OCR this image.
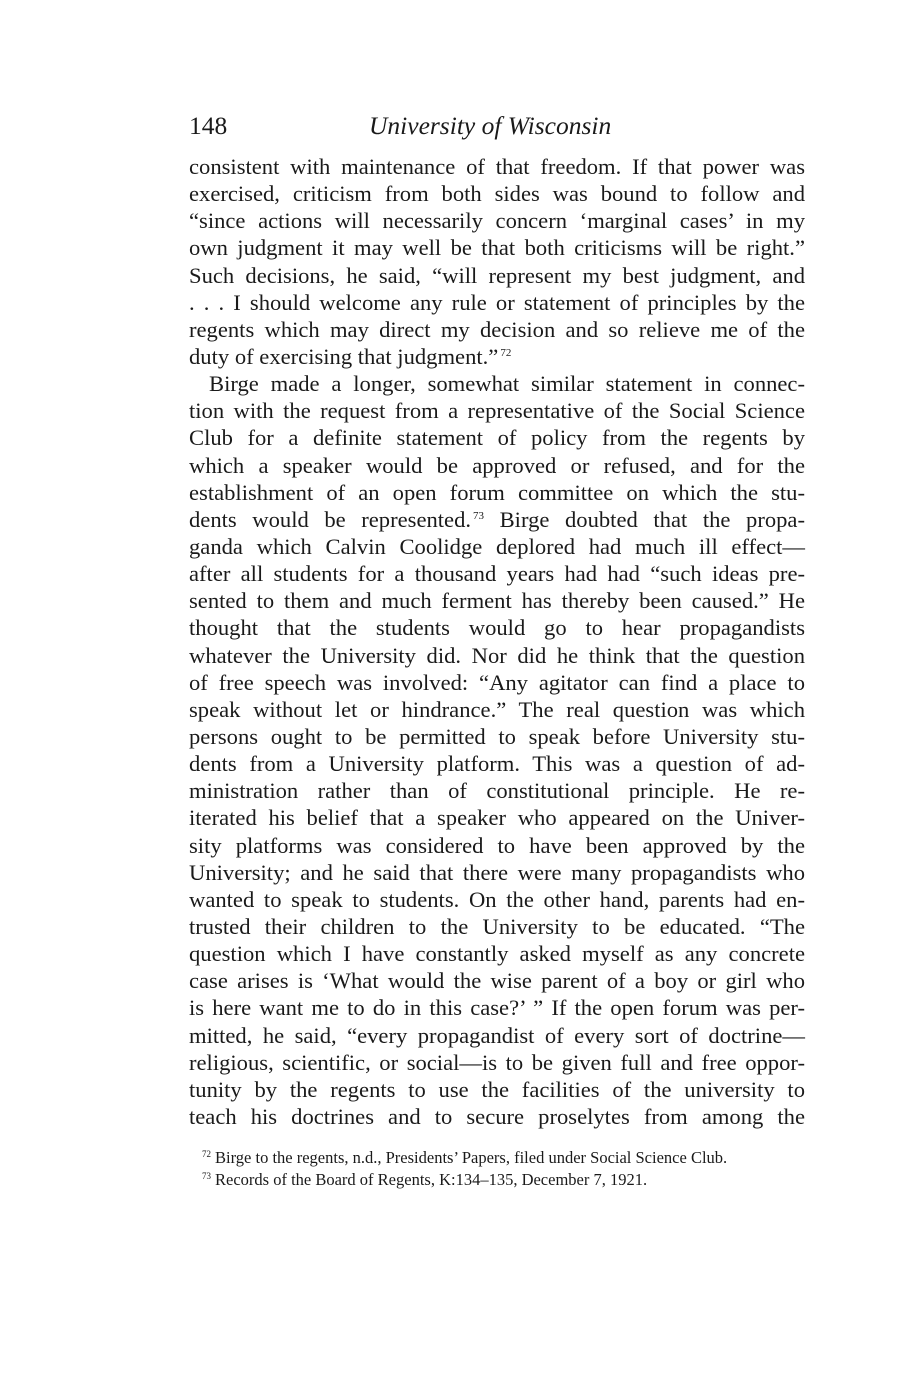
148	University of Wisconsin
consistent with maintenance of that freedom. If that power was
exercised, criticism from both sides was bound to follow and
“since actions will necessarily concern ‘marginal cases’ in my
own judgment it may well be that both criticisms will be right.”
Such decisions, he said, “will represent my best judgment, and
. . . I should welcome any rule or statement of principles by the
regents which may direct my decision and so relieve me of the
duty of exercising that judgment.” $^{72}$
Birge made a longer, somewhat similar statement in connec-
tion with the request from a representative of the Social Science
Club for a definite statement of policy from the regents by
which a speaker would be approved or refused, and for the
establishment of an open forum committee on which the stu-
dents would be represented. $^{73}$ Birge doubted that the propa-
ganda which Calvin Coolidge deplored had much ill effect—
after all students for a thousand years had had “such ideas pre-
sented to them and much ferment has thereby been caused.” He
thought that the students would go to hear propagandists
whatever the University did. Nor did he think that the question
of free speech was involved: “Any agitator can find a place to
speak without let or hindrance.” The real question was which
persons ought to be permitted to speak before University stu-
dents from a University platform. This was a question of ad-
ministration rather than of constitutional principle. He re-
iterated his belief that a speaker who appeared on the Univer-
sity platforms was considered to have been approved by the
University; and he said that there were many propagandists who
wanted to speak to students. On the other hand, parents had en-
trusted their children to the University to be educated. “The
question which I have constantly asked myself as any concrete
case arises is ‘What would the wise parent of a boy or girl who
is here want me to do in this case?’ ” If the open forum was per-
mitted, he said, “every propagandist of every sort of doctrine—
religious, scientific, or social—is to be given full and free oppor-
tunity by the regents to use the facilities of the university to
teach his doctrines and to secure proselytes from among the
$^{72}$ Birge to the regents, n.d., Presidents’ Papers, filed under Social Science Club.
$^{73}$ Records of the Board of Regents, K:134–135, December 7, 1921.
